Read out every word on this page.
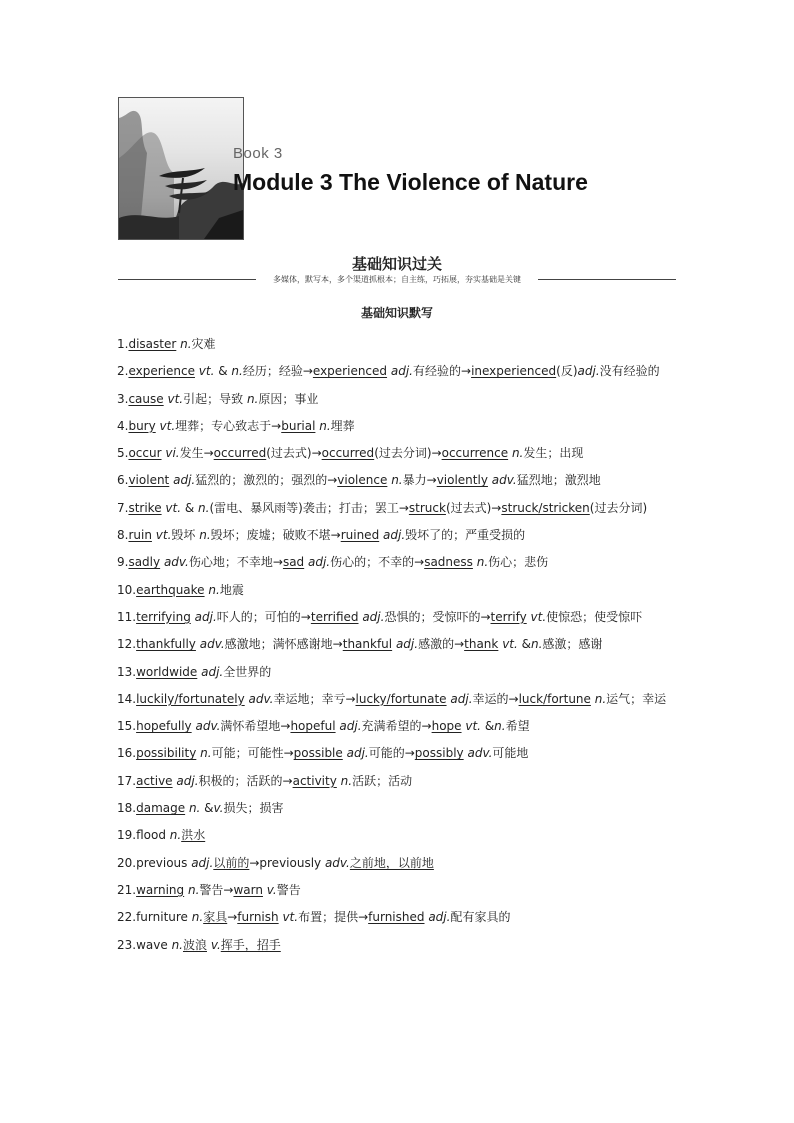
Book 3
Module 3 The Violence of Nature
基础知识过关
多媒体，默写本，多个渠道抓根本；自主练，巧拓展，夯实基础是关键
基础知识默写
1.disaster n.灾难
2.experience vt. & n.经历；经验→experienced adj.有经验的→inexperienced(反)adj.没有经验的
3.cause vt.引起；导致 n.原因；事业
4.bury vt.埋葬；专心致志于→burial n.埋葬
5.occur vi.发生→occurred(过去式)→occurred(过去分词)→occurrence n.发生；出现
6.violent adj.猛烈的；激烈的；强烈的→violence n.暴力→violently adv.猛烈地；激烈地
7.strike vt. & n.(雷电、暴风雨等)袭击；打击；罢工→struck(过去式)→struck/stricken(过去分词)
8.ruin vt.毁坏 n.毁坏；废墟；破败不堪→ruined adj.毁坏了的；严重受损的
9.sadly adv.伤心地；不幸地→sad adj.伤心的；不幸的→sadness n.伤心；悲伤
10.earthquake n.地震
11.terrifying adj.吓人的；可怕的→terrified adj.恐惧的；受惊吓的→terrify vt.使惊恐；使受惊吓
12.thankfully adv.感激地；满怀感谢地→thankful adj.感激的→thank vt. &n.感激；感谢
13.worldwide adj.全世界的
14.luckily/fortunately adv.幸运地；幸亏→lucky/fortunate adj.幸运的→luck/fortune n.运气；幸运
15.hopefully adv.满怀希望地→hopeful adj.充满希望的→hope vt. &n.希望
16.possibility n.可能；可能性→possible adj.可能的→possibly adv.可能地
17.active adj.积极的；活跃的→activity n.活跃；活动
18.damage n. &v.损失；损害
19.flood n.洪水
20.previous adj.以前的→previously adv.之前地，以前地
21.warning n.警告→warn v.警告
22.furniture n.家具→furnish vt.布置；提供→furnished adj.配有家具的
23.wave n.波浪 v.挥手，招手
